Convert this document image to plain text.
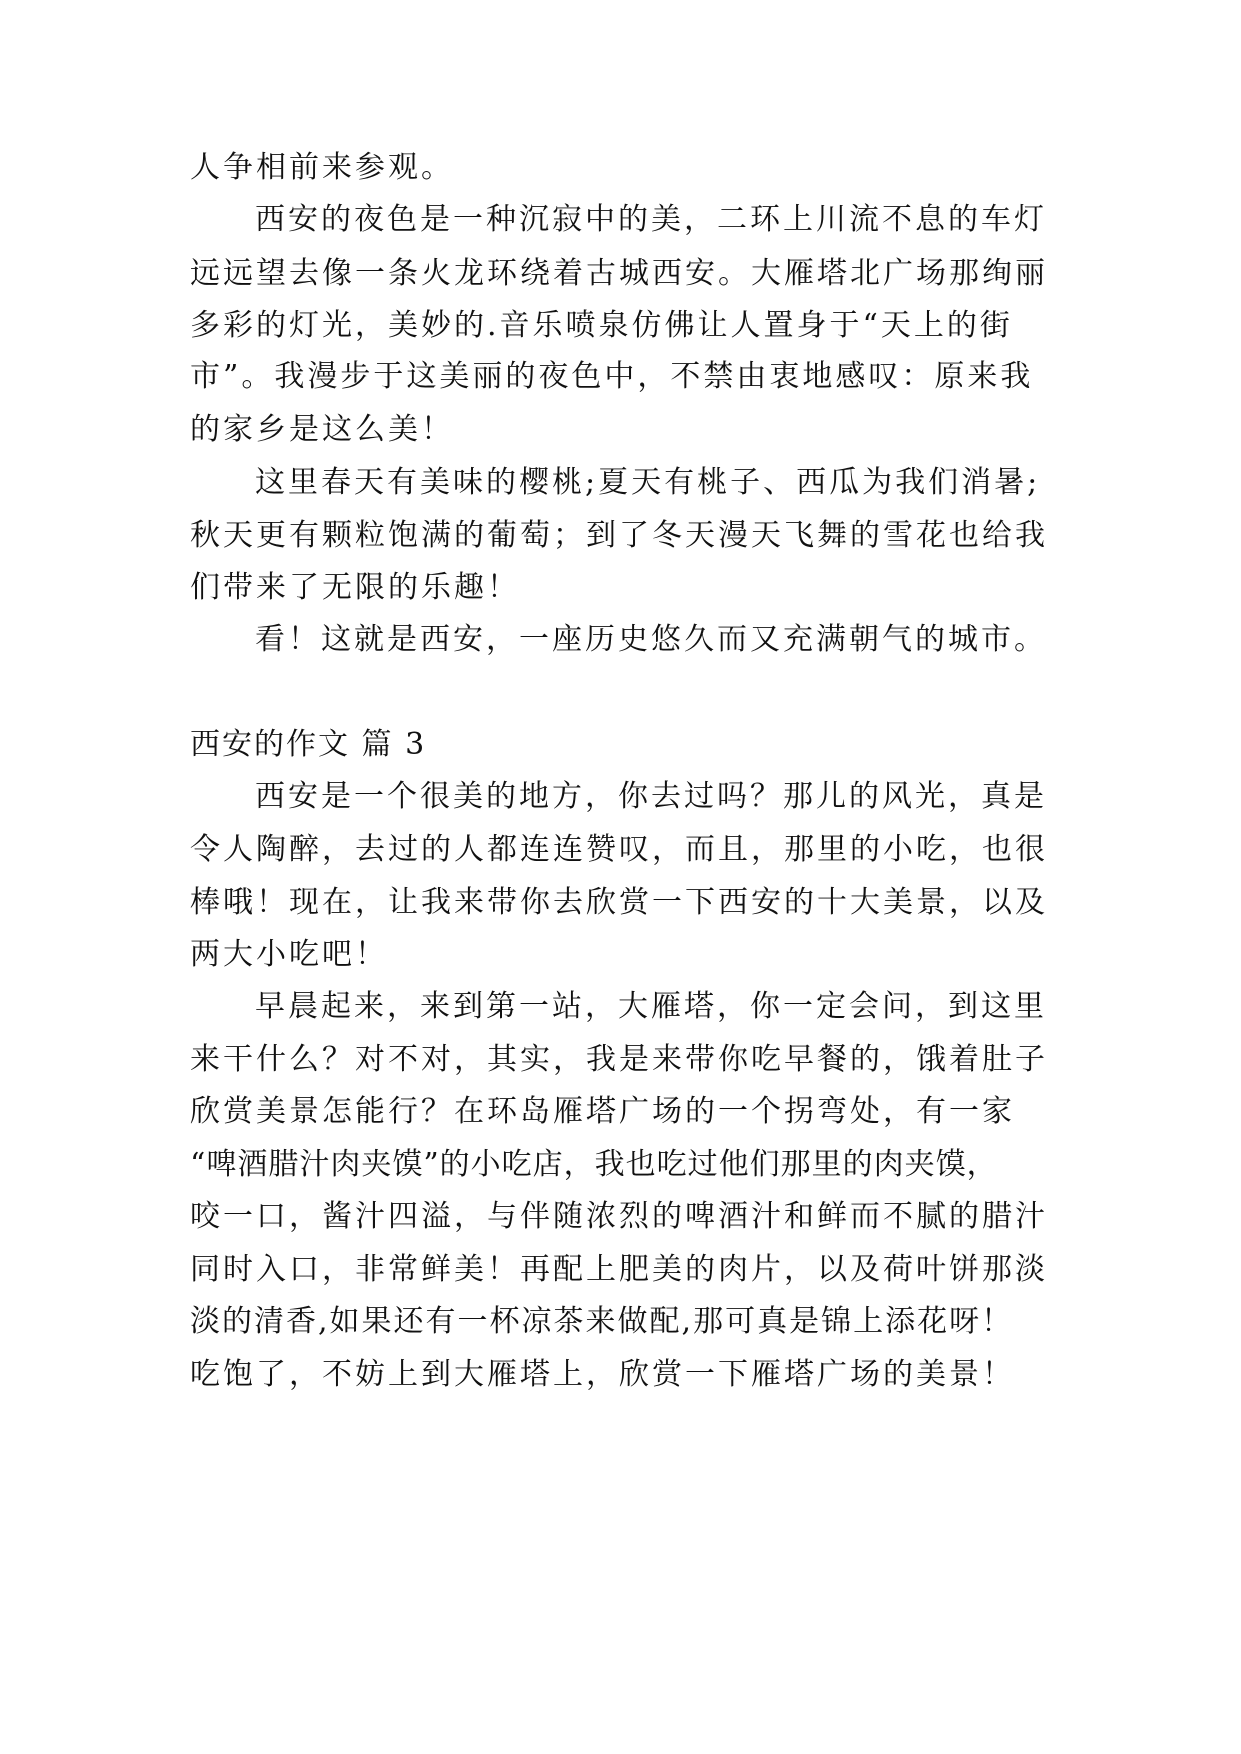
人争相前来参观。
西安的夜色是一种沉寂中的美，二环上川流不息的车灯
远远望去像一条火龙环绕着古城西安。大雁塔北广场那绚丽
多彩的灯光，美妙的.音乐喷泉仿佛让人置身于“天上的街
市”。我漫步于这美丽的夜色中，不禁由衷地感叹：原来我
的家乡是这么美！
这里春天有美味的樱桃;夏天有桃子、西瓜为我们消暑;
秋天更有颗粒饱满的葡萄；到了冬天漫天飞舞的雪花也给我
们带来了无限的乐趣！
看！这就是西安，一座历史悠久而又充满朝气的城市。
西安的作文 篇 3
西安是一个很美的地方，你去过吗？那儿的风光，真是
令人陶醉，去过的人都连连赞叹，而且，那里的小吃，也很
棒哦！现在，让我来带你去欣赏一下西安的十大美景，以及
两大小吃吧！
早晨起来，来到第一站，大雁塔，你一定会问，到这里
来干什么？对不对，其实，我是来带你吃早餐的，饿着肚子
欣赏美景怎能行？在环岛雁塔广场的一个拐弯处，有一家
“啤酒腊汁肉夹馍”的小吃店，我也吃过他们那里的肉夹馍，
咬一口，酱汁四溢，与伴随浓烈的啤酒汁和鲜而不腻的腊汁
同时入口，非常鲜美！再配上肥美的肉片，以及荷叶饼那淡
淡的清香,如果还有一杯凉茶来做配,那可真是锦上添花呀！
吃饱了，不妨上到大雁塔上，欣赏一下雁塔广场的美景！
